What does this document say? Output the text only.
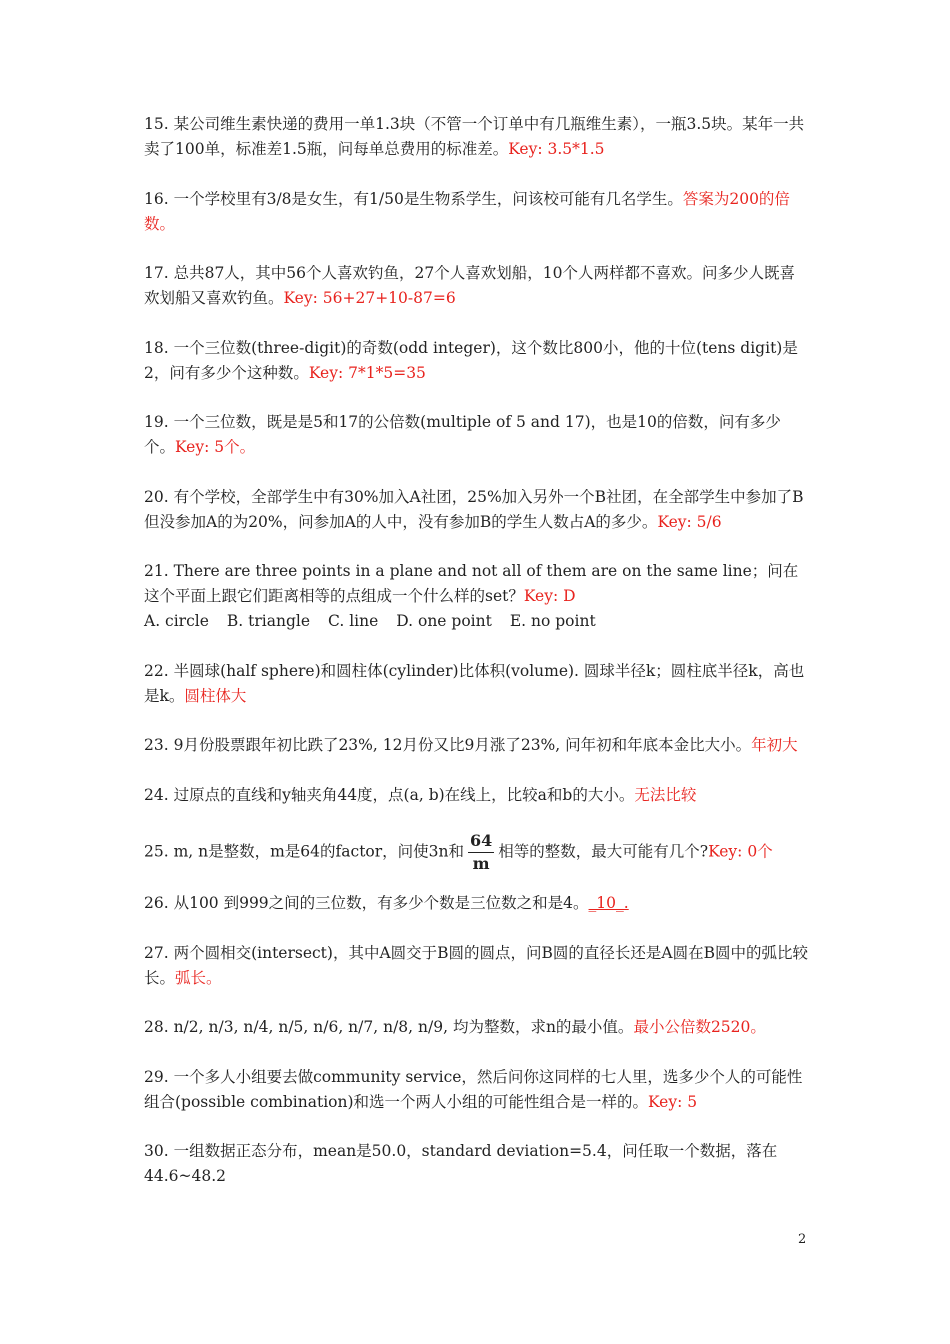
15. 某公司维生素快递的费用一单1.3块（不管一个订单中有几瓶维生素），一瓶3.5块。某年一共卖了100单，标准差1.5瓶，问每单总费用的标准差。Key: 3.5*1.5

16. 一个学校里有3/8是女生，有1/50是生物系学生，问该校可能有几名学生。答案为200的倍数。

17. 总共87人，其中56个人喜欢钓鱼，27个人喜欢划船，10个人两样都不喜欢。问多少人既喜欢划船又喜欢钓鱼。Key: 56+27+10-87=6

18. 一个三位数(three-digit)的奇数(odd integer)，这个数比800小，他的十位(tens digit)是2，问有多少个这种数。Key: 7*1*5=35

19. 一个三位数，既是是5和17的公倍数(multiple of 5 and 17)，也是10的倍数，问有多少个。Key: 5个。

20. 有个学校，全部学生中有30%加入A社团，25%加入另外一个B社团，在全部学生中参加了B但没参加A的为20%，问参加A的人中，没有参加B的学生人数占A的多少。Key: 5/6

21. There are three points in a plane and not all of them are on the same line；问在这个平面上跟它们距离相等的点组成一个什么样的set？Key: D
A. circle B. triangle C. line D. one point E. no point

22. 半圆球(half sphere)和圆柱体(cylinder)比体积(volume). 圆球半径k；圆柱底半径k，高也是k。圆柱体大

23. 9月份股票跟年初比跌了23%, 12月份又比9月涨了23%, 问年初和年底本金比大小。年初大

24. 过原点的直线和y轴夹角44度，点(a, b)在线上，比较a和b的大小。无法比较

25. m, n是整数，m是64的factor，问使3n和 $\frac{64}{m}$ 相等的整数，最大可能有几个?Key: 0个

26. 从100 到999之间的三位数，有多少个数是三位数之和是4。_10_.

27. 两个圆相交(intersect)，其中A圆交于B圆的圆点，问B圆的直径长还是A圆在B圆中的弧比较长。弧长。

28. n/2, n/3, n/4, n/5, n/6, n/7, n/8, n/9, 均为整数，求n的最小值。最小公倍数2520。

29. 一个多人小组要去做community service，然后问你这同样的七人里，选多少个人的可能性组合(possible combination)和选一个两人小组的可能性组合是一样的。Key: 5

30. 一组数据正态分布，mean是50.0，standard deviation=5.4，问任取一个数据，落在44.6~48.2

2
